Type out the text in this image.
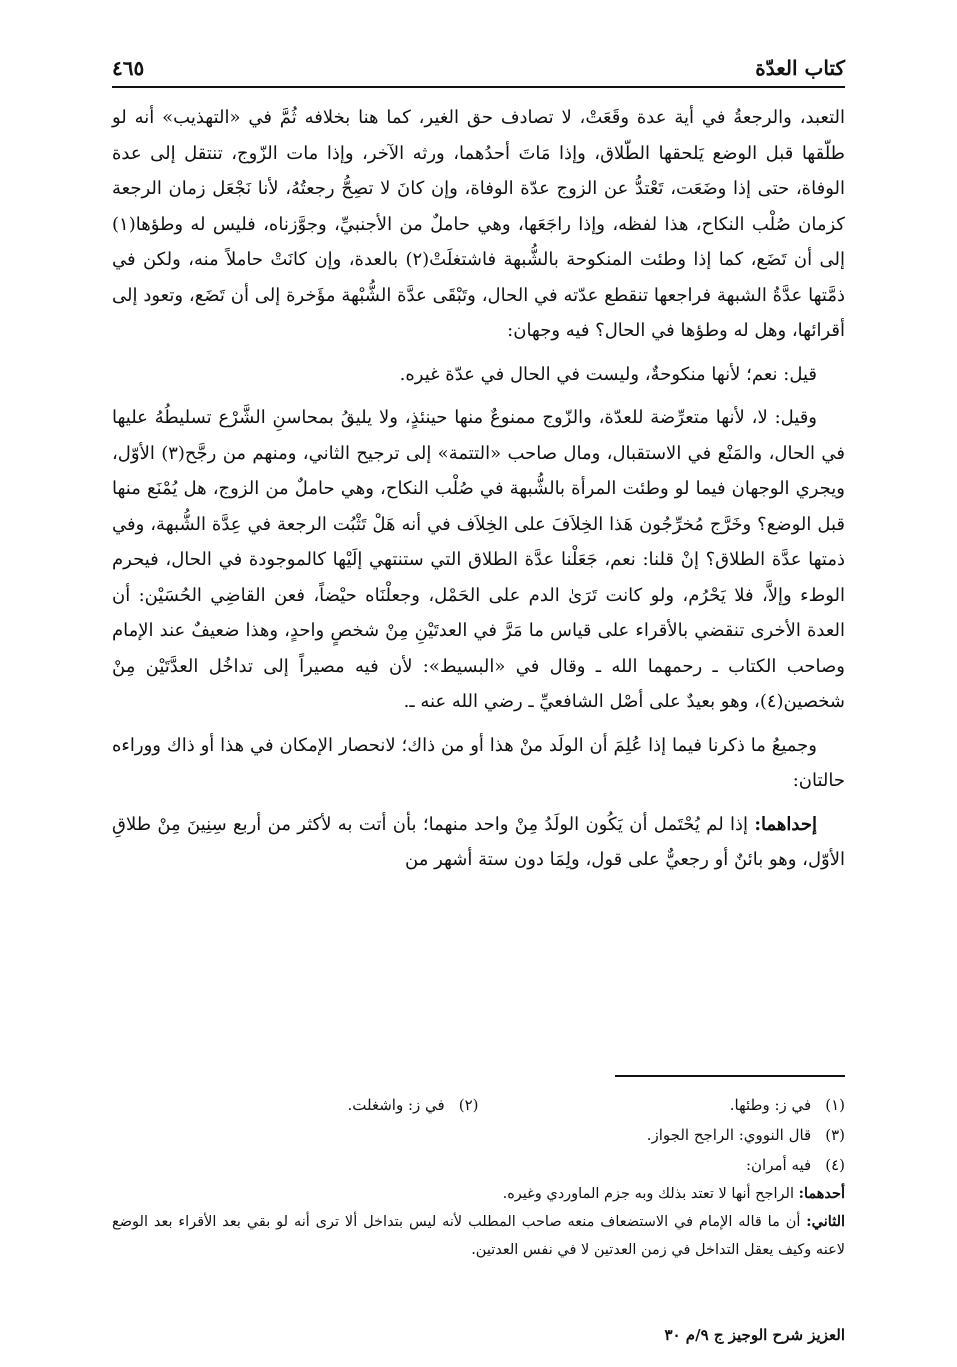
كتاب العدّة
٤٦٥

التعبد، والرجعةُ في أية عدة وقَعَتْ، لا تصادف حق الغير، كما هنا بخلافه ثُمَّ في «التهذيب» أنه لو طلّقها قبل الوضع يَلحقها الطّلاق، وإذا مَاتَ أحدُهما، ورثه الآخر، وإذا مات الزّوج، تنتقل إلى عدة الوفاة، حتى إذا وضَعَت، تَعْتدُّ عن الزوج عدّة الوفاة، وإن كانَ لا تصِحُّ رجعتُهُ، لأنا نَجْعَل زمان الرجعة كزمان صُلْب النكاح، هذا لفظه، وإذا راجَعَها، وهي حاملٌ من الأجنبيِّ، وجوَّزناه، فليس له وطؤها(١) إلى أن تَضَع، كما إذا وطئت المنكوحة بالشُّبهة فاشتغلَتْ(٢) بالعدة، وإن كانَتْ حاملاً منه، ولكن في ذمَّتها عدَّةُ الشبهة فراجعها تنقطع عدّته في الحال، وتَبْقَى عدَّة الشُّبْهة مؤَخرة إلى أن تَضَع، وتعود إلى أقرائها، وهل له وطؤها في الحال؟ فيه وجهان:

قيل: نعم؛ لأنها منكوحةٌ، وليست في الحال في عدّة غيره.

وقيل: لا، لأنها متعرِّضة للعدّة، والزّوج ممنوعٌ منها حينئذٍ، ولا يليقُ بمحاسنِ الشَّرْع تسليطُهُ عليها في الحال، والمَنْع في الاستقبال، ومال صاحب «التتمة» إلى ترجيح الثاني، ومنهم من رجَّح(٣) الأوّل، ويجري الوجهان فيما لو وطئت المرأة بالشُّبهة في صُلْب النكاح، وهي حاملٌ من الزوج، هل يُمْنَع منها قبل الوضع؟ وخَرَّج مُخرِّجُون هَذا الخِلاَفَ على الخِلاَف في أنه هَلْ تَثْبُت الرجعة في عِدَّة الشُّبهة، وفي ذمتها عدَّة الطلاق؟ إنْ قلنا: نعم، جَعَلْنا عدَّة الطلاق التي ستنتهي إلَيْها كالموجودة في الحال، فيحرم الوطء وإلاَّ، فلا يَحْرُم، ولو كانت تَرَىٰ الدم على الحَمْل، وجعلْنَاه حيْضاً، فعن القاضِي الحُسَيْن: أن العدة الأخرى تنقضي بالأقراء على قياس ما مَرَّ في العدتَيْنِ مِنْ شخصٍ واحدٍ، وهذا ضعيفٌ عند الإمام وصاحب الكتاب ـ رحمهما الله ـ وقال في «البسيط»: لأن فيه مصيراً إلى تداخُل العدَّتَيْن مِنْ شخصين(٤)، وهو بعيدٌ على أصْل الشافعيِّ ـ رضي الله عنه ـ.

وجميعُ ما ذكرنا فيما إذا عُلِمَ أن الولَد منْ هذا أو من ذاك؛ لانحصار الإمكان في هذا أو ذاك ووراءه حالتان:

إحداهما: إذا لم يُحْتَمل أن يَكُون الولَدُ مِنْ واحد منهما؛ بأن أتت به لأكثر من أربع سِنِينَ مِنْ طلاقِ الأوّل، وهو بائنٌ أو رجعيٌّ على قول، ولِمَا دون ستة أشهر من

(١)
في ز: وطئها.
(٢)
في ز: واشغلت.
(٣)
قال النووي: الراجح الجواز.
(٤)
فيه أمران:
أحدهما: الراجح أنها لا تعتد بذلك وبه جزم الماوردي وغيره.
الثاني: أن ما قاله الإمام في الاستضعاف منعه صاحب المطلب لأنه ليس بتداخل ألا ترى أنه لو بقي بعد الأقراء بعد الوضع لاعنه وكيف يعقل التداخل في زمن العدتين لا في نفس العدتين.
العزيز شرح الوجيز ج ٩/م ٣٠
